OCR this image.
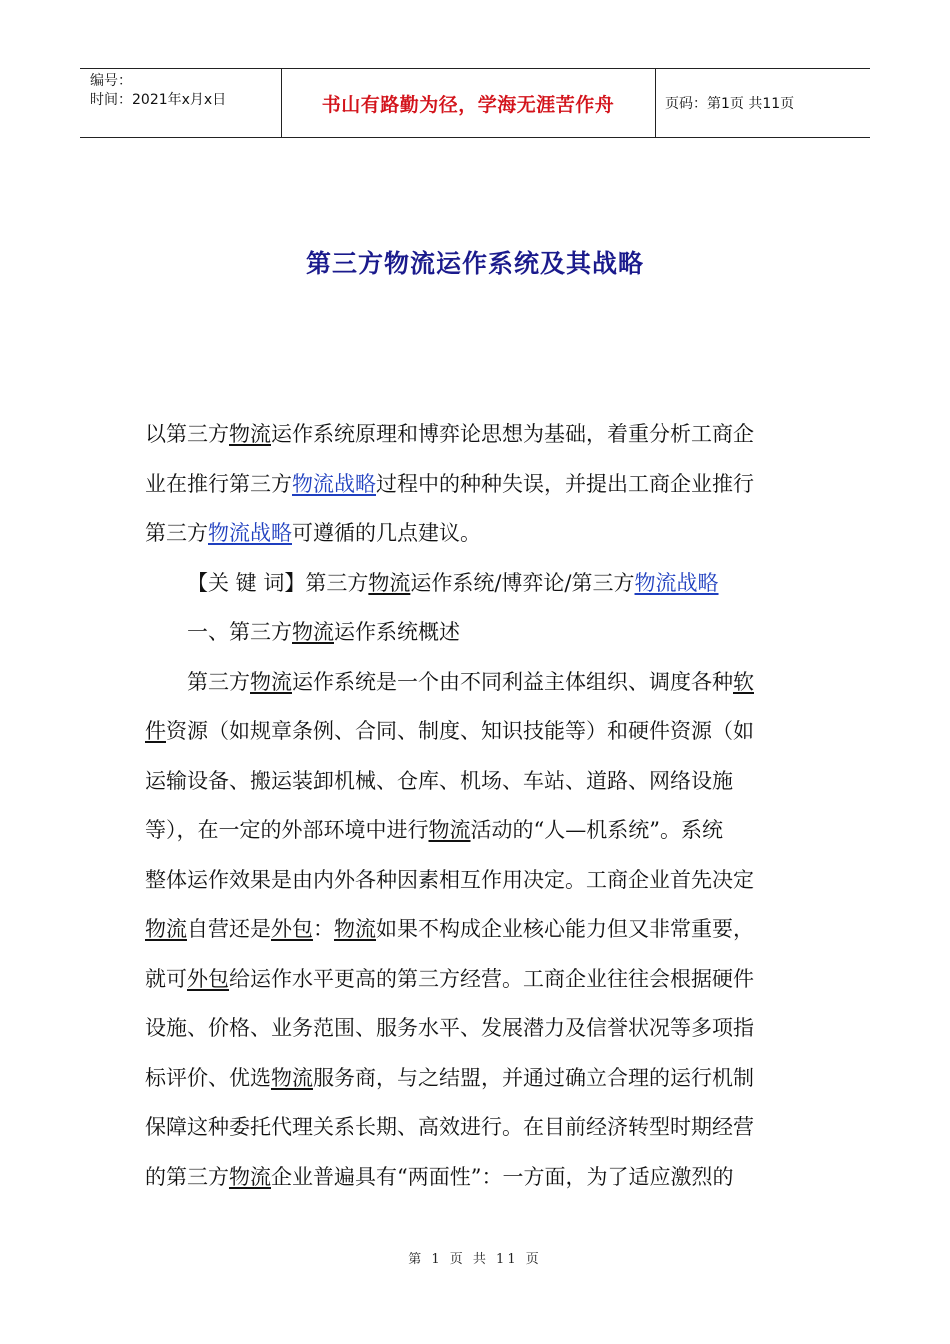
编号：
时间：2021年x月x日	书山有路勤为径，学海无涯苦作舟	页码：第1页 共11页
第三方物流运作系统及其战略
以第三方物流运作系统原理和博弈论思想为基础，着重分析工商企
业在推行第三方物流战略过程中的种种失误，并提出工商企业推行
第三方物流战略可遵循的几点建议。
【关 键 词】第三方物流运作系统/博弈论/第三方物流战略
一、第三方物流运作系统概述
第三方物流运作系统是一个由不同利益主体组织、调度各种软
件资源（如规章条例、合同、制度、知识技能等）和硬件资源（如
运输设备、搬运装卸机械、仓库、机场、车站、道路、网络设施
等），在一定的外部环境中进行物流活动的“人—机系统”。系统
整体运作效果是由内外各种因素相互作用决定。工商企业首先决定
物流自营还是外包：物流如果不构成企业核心能力但又非常重要，
就可外包给运作水平更高的第三方经营。工商企业往往会根据硬件
设施、价格、业务范围、服务水平、发展潜力及信誉状况等多项指
标评价、优选物流服务商，与之结盟，并通过确立合理的运行机制
保障这种委托代理关系长期、高效进行。在目前经济转型时期经营
的第三方物流企业普遍具有“两面性”：一方面，为了适应激烈的
第 1 页 共 11 页
